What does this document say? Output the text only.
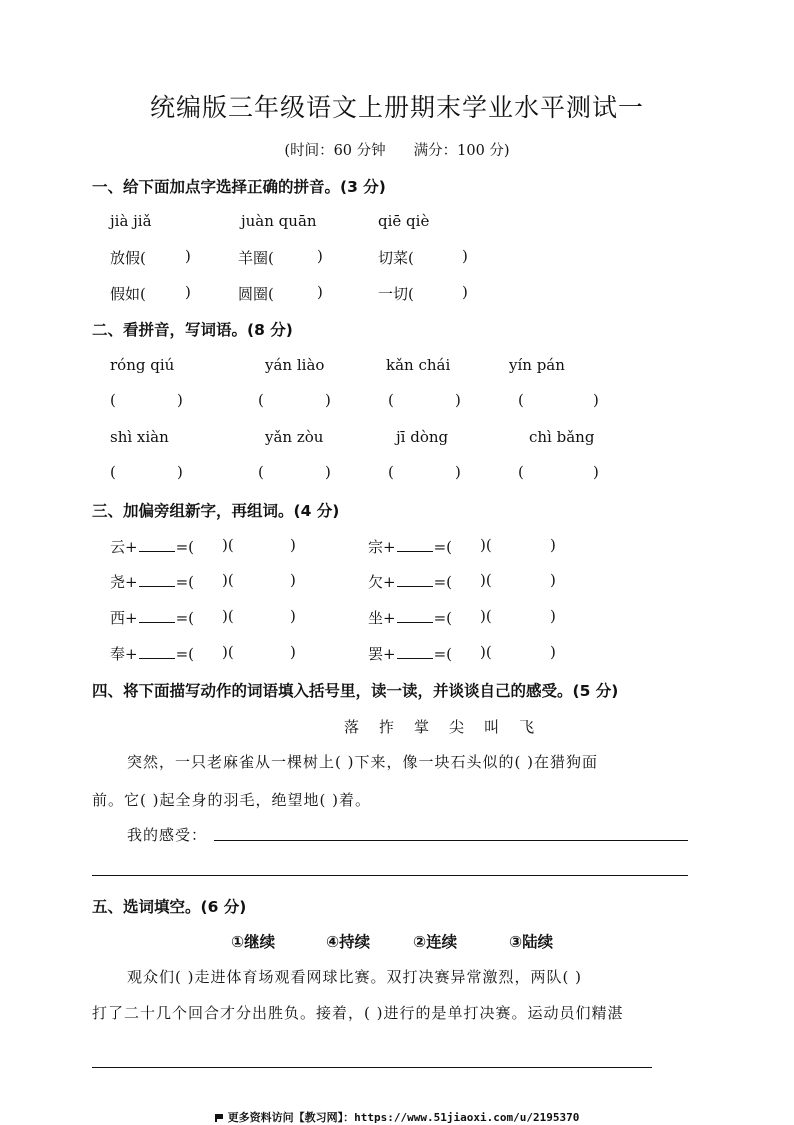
统编版三年级语文上册期末学业水平测试一
(时间：60 分钟 满分：100 分)
一、给下面加点字选择正确的拼音。(3 分)
jià jiǎ	juàn quān	qiē qiè
放假(	)	羊圈(	)	切菜(	)
假如(	)	圆圈(	)	一切(	)
二、看拼音，写词语。(8 分)
róng qiú	yán liào	kǎn chái	yín pán
(	)	(	)	(	)	(	)
shì xiàn	yǎn zòu	jī dòng	chì bǎng
(	)	(	)	(	)	(	)
三、加偏旁组新字，再组词。(4 分)
云+	=( )(	)	宗+	=( )(	)
尧+	=( )(	)	欠+	=( )(	)
西+	=( )(	)	坐+	=( )(	)
奉+	=( )(	)	罢+	=( )(	)
四、将下面描写动作的词语填入括号里，读一读，并谈谈自己的感受。(5 分)
落 拃 掌 尖 叫 飞
突然，一只老麻雀从一棵树上( )下来，像一块石头似的( )在猎狗面
前。它( )起全身的羽毛，绝望地( )着。
我的感受：
五、选词填空。(6 分)
①继续	④持续	②连续	③陆续
观众们( )走进体育场观看网球比赛。双打决赛异常激烈，两队( )
打了二十几个回合才分出胜负。接着，( )进行的是单打决赛。运动员们精湛
更多资料访问【教习网】：https://www.51jiaoxi.com/u/2195370
